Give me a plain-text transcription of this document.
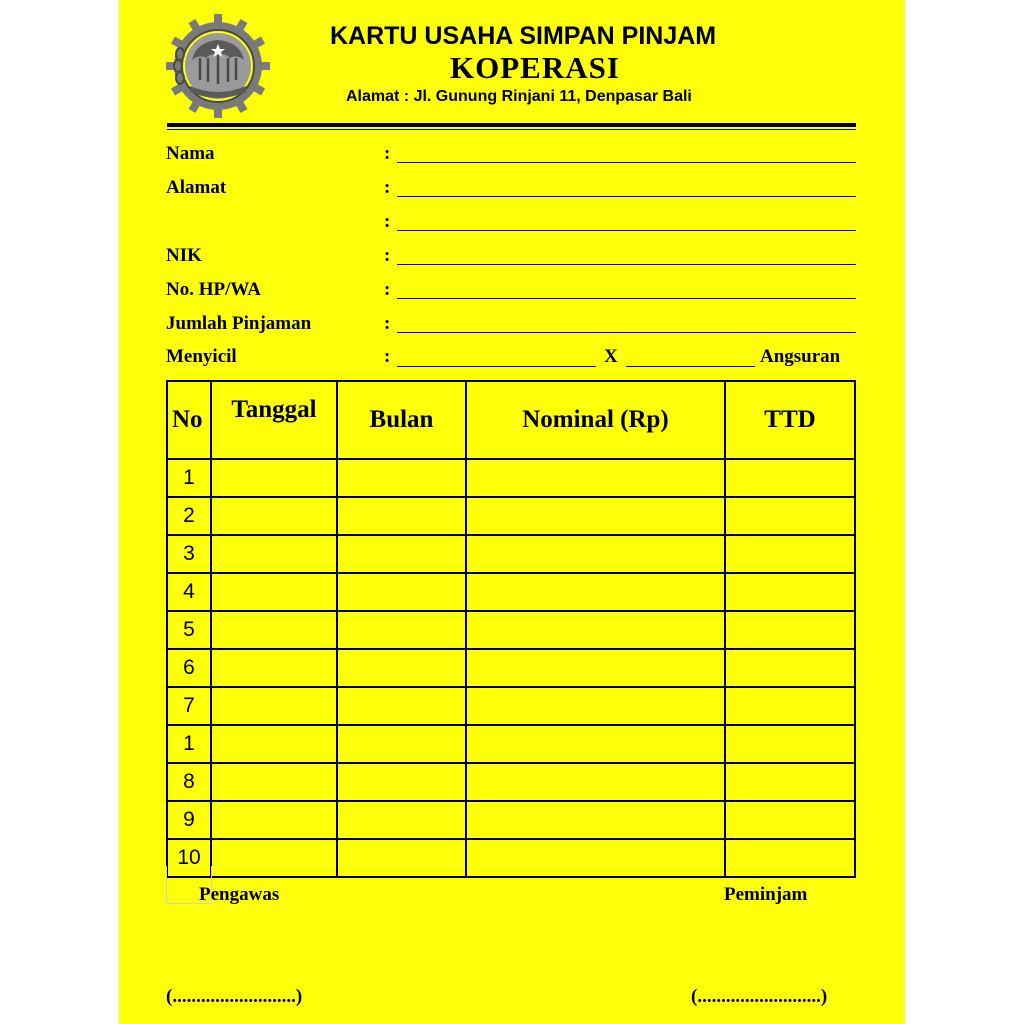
KARTU USAHA SIMPAN PINJAM
KOPERASI
Alamat : Jl. Gunung Rinjani 11, Denpasar Bali
Nama	:
Alamat	:
:
NIK	:
No. HP/WA	:
Jumlah Pinjaman	:
Menyicil	:	X	Angsuran
No	Tanggal	Bulan	Nominal (Rp)	TTD
1				
2				
3				
4				
5				
6				
7				
1				
8				
9				
10				
Pengawas	Peminjam
(..........................)	(..........................)
